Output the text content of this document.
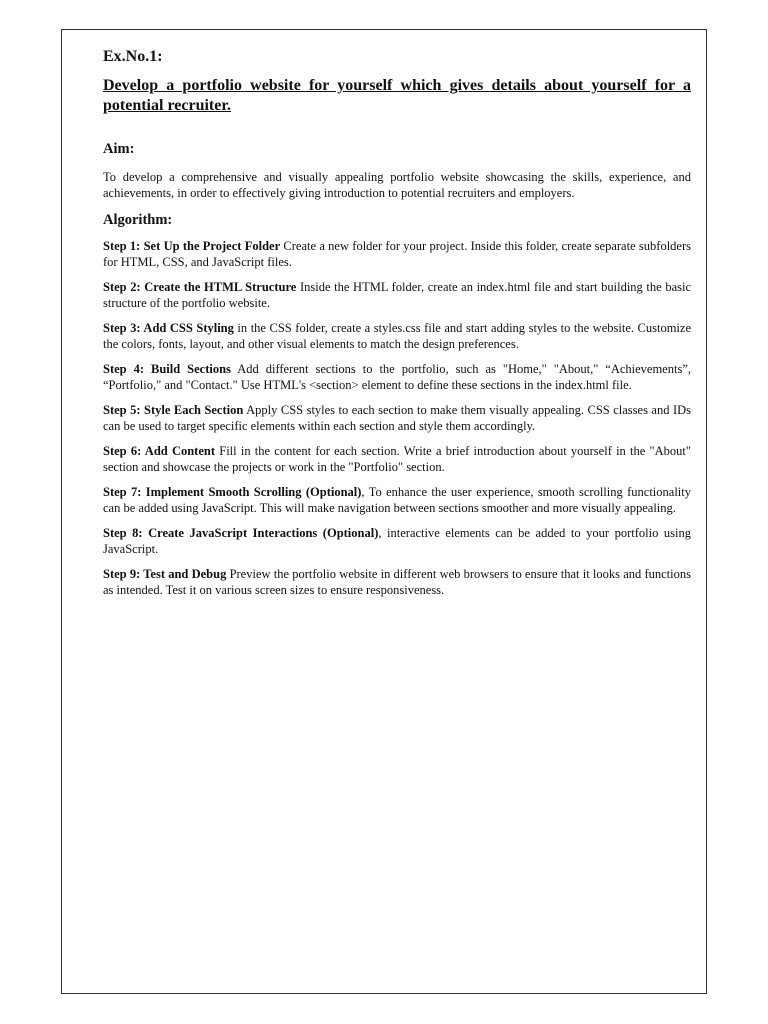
Ex.No.1:
Develop a portfolio website for yourself which gives details about yourself for a potential recruiter.
Aim:
To develop a comprehensive and visually appealing portfolio website showcasing the skills, experience, and achievements, in order to effectively giving introduction to potential recruiters and employers.
Algorithm:
Step 1: Set Up the Project Folder Create a new folder for your project. Inside this folder, create separate subfolders for HTML, CSS, and JavaScript files.
Step 2: Create the HTML Structure Inside the HTML folder, create an index.html file and start building the basic structure of the portfolio website.
Step 3: Add CSS Styling in the CSS folder, create a styles.css file and start adding styles to the website. Customize the colors, fonts, layout, and other visual elements to match the design preferences.
Step 4: Build Sections Add different sections to the portfolio, such as "Home," "About," “Achievements”, “Portfolio," and "Contact." Use HTML's <section> element to define these sections in the index.html file.
Step 5: Style Each Section Apply CSS styles to each section to make them visually appealing. CSS classes and IDs can be used to target specific elements within each section and style them accordingly.
Step 6: Add Content Fill in the content for each section. Write a brief introduction about yourself in the "About" section and showcase the projects or work in the "Portfolio" section.
Step 7: Implement Smooth Scrolling (Optional), To enhance the user experience, smooth scrolling functionality can be added using JavaScript. This will make navigation between sections smoother and more visually appealing.
Step 8: Create JavaScript Interactions (Optional), interactive elements can be added to your portfolio using JavaScript.
Step 9: Test and Debug Preview the portfolio website in different web browsers to ensure that it looks and functions as intended. Test it on various screen sizes to ensure responsiveness.
